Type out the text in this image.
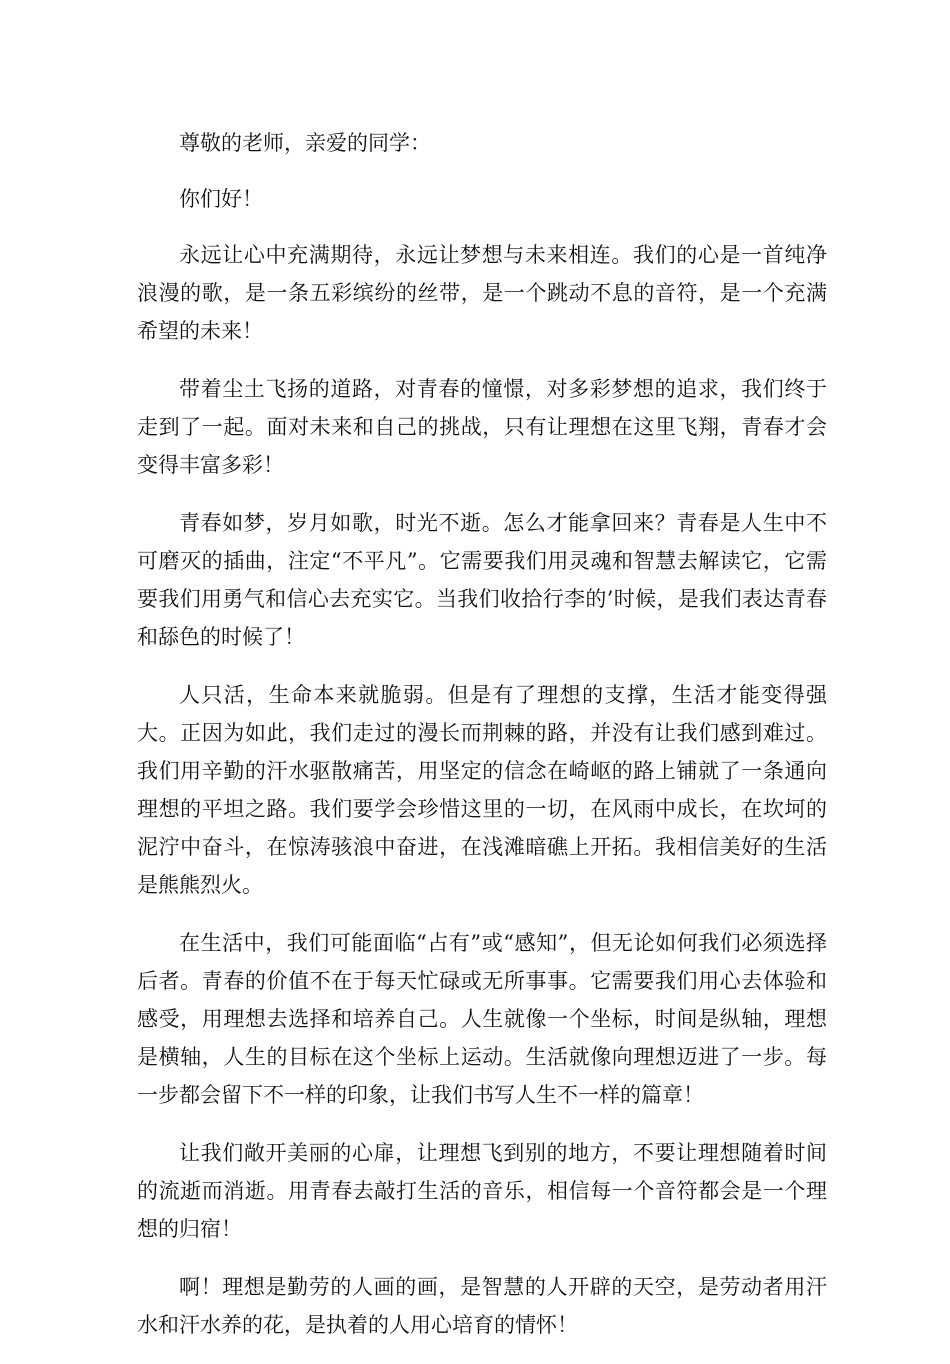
尊敬的老师，亲爱的同学：

你们好！

永远让心中充满期待，永远让梦想与未来相连。我们的心是一首纯净浪漫的歌，是一条五彩缤纷的丝带，是一个跳动不息的音符，是一个充满希望的未来！

带着尘土飞扬的道路，对青春的憧憬，对多彩梦想的追求，我们终于走到了一起。面对未来和自己的挑战，只有让理想在这里飞翔，青春才会变得丰富多彩！

青春如梦，岁月如歌，时光不逝。怎么才能拿回来？青春是人生中不可磨灭的插曲，注定“不平凡”。它需要我们用灵魂和智慧去解读它，它需要我们用勇气和信心去充实它。当我们收拾行李的’时候，是我们表达青春和舔色的时候了！

人只活，生命本来就脆弱。但是有了理想的支撑，生活才能变得强大。正因为如此，我们走过的漫长而荆棘的路，并没有让我们感到难过。我们用辛勤的汗水驱散痛苦，用坚定的信念在崎岖的路上铺就了一条通向理想的平坦之路。我们要学会珍惜这里的一切，在风雨中成长，在坎坷的泥泞中奋斗，在惊涛骇浪中奋进，在浅滩暗礁上开拓。我相信美好的生活是熊熊烈火。

在生活中，我们可能面临“占有”或“感知”，但无论如何我们必须选择后者。青春的价值不在于每天忙碌或无所事事。它需要我们用心去体验和感受，用理想去选择和培养自己。人生就像一个坐标，时间是纵轴，理想是横轴，人生的目标在这个坐标上运动。生活就像向理想迈进了一步。每一步都会留下不一样的印象，让我们书写人生不一样的篇章！

让我们敞开美丽的心扉，让理想飞到别的地方，不要让理想随着时间的流逝而消逝。用青春去敲打生活的音乐，相信每一个音符都会是一个理想的归宿！

啊！理想是勤劳的人画的画，是智慧的人开辟的天空，是劳动者用汗水和汗水养的花，是执着的人用心培育的情怀！
